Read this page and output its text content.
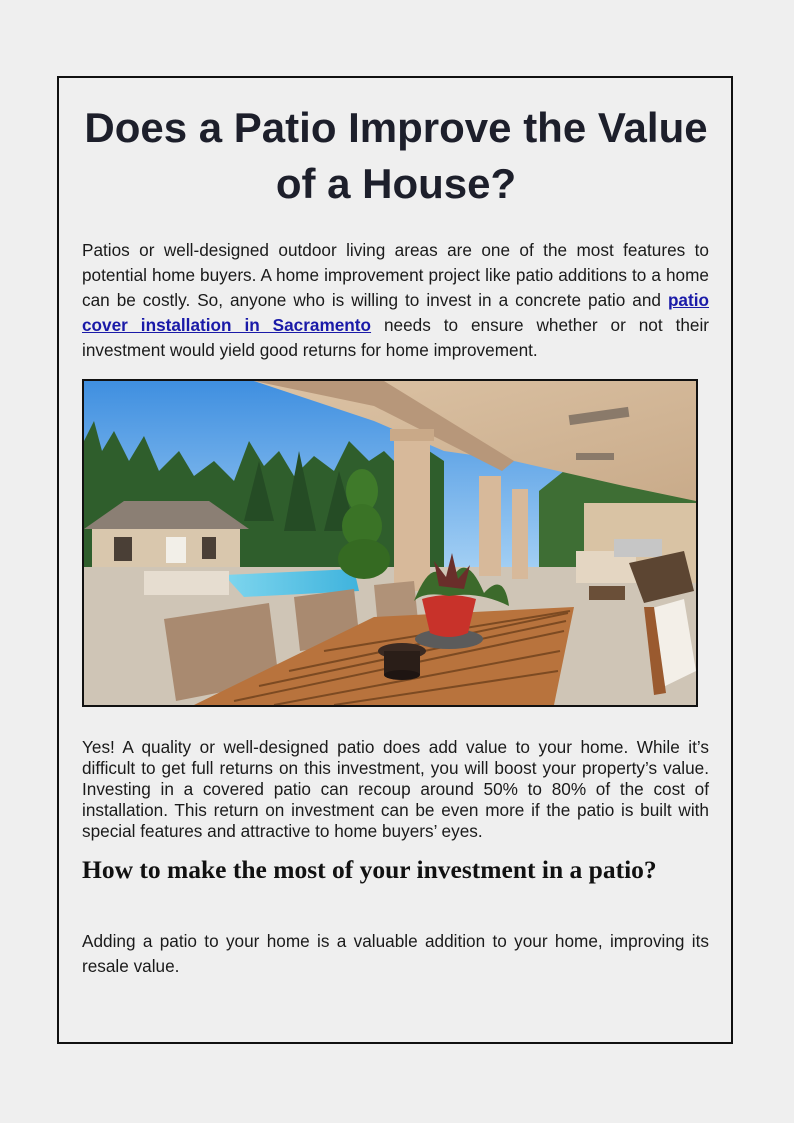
Does a Patio Improve the Value of a House?

Patios or well-designed outdoor living areas are one of the most features to potential home buyers. A home improvement project like patio additions to a home can be costly. So, anyone who is willing to invest in a concrete patio and patio cover installation in Sacramento needs to ensure whether or not their investment would yield good returns for home improvement.

Yes! A quality or well-designed patio does add value to your home. While it’s difficult to get full returns on this investment, you will boost your property’s value. Investing in a covered patio can recoup around 50% to 80% of the cost of installation. This return on investment can be even more if the patio is built with special features and attractive to home buyers’ eyes.

How to make the most of your investment in a patio?

Adding a patio to your home is a valuable addition to your home, improving its resale value.
